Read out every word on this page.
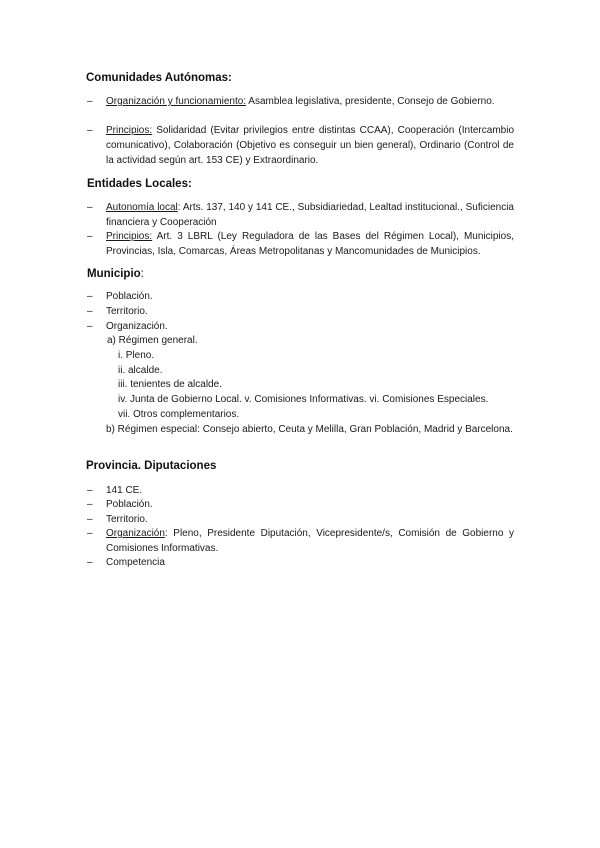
Comunidades Autónomas:
–	Organización y funcionamiento: Asamblea legislativa, presidente, Consejo de Gobierno.
–	Principios: Solidaridad (Evitar privilegios entre distintas CCAA), Cooperación (Intercambio comunicativo), Colaboración (Objetivo es conseguir un bien general), Ordinario (Control de la actividad según art. 153 CE) y Extraordinario.
Entidades Locales:
–	Autonomía local: Arts. 137, 140 y 141 CE., Subsidiariedad, Lealtad institucional., Suficiencia financiera y Cooperación
–	Principios: Art. 3 LBRL (Ley Reguladora de las Bases del Régimen Local), Municipios, Provincias, Isla, Comarcas, Áreas Metropolitanas y Mancomunidades de Municipios.
Municipio:
–	Población.
–	Territorio.
–	Organización.
a) Régimen general.
i. Pleno.
ii. alcalde.
iii. tenientes de alcalde.
iv. Junta de Gobierno Local. v. Comisiones Informativas. vi. Comisiones Especiales.
vii. Otros complementarios.
b) Régimen especial: Consejo abierto, Ceuta y Melilla, Gran Población, Madrid y Barcelona.
Provincia. Diputaciones
–	141 CE.
–	Población.
–	Territorio.
–	Organización: Pleno, Presidente Diputación, Vicepresidente/s, Comisión de Gobierno y Comisiones Informativas.
–	Competencia
